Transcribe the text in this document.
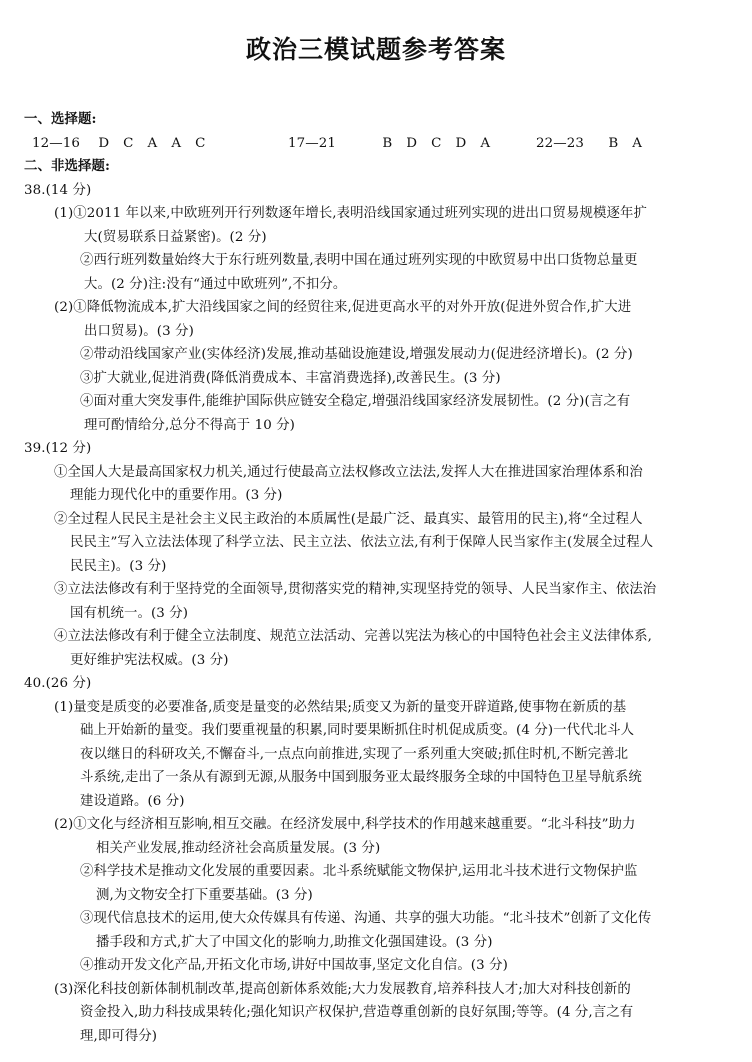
政治三模试题参考答案
一、选择题:
12—16 D C A A C	17—21	B D C D A	22—23 B A
二、非选择题:
38.(14 分)
(1)①2011 年以来,中欧班列开行列数逐年增长,表明沿线国家通过班列实现的进出口贸易规模逐年扩
大(贸易联系日益紧密)。(2 分)
②西行班列数量始终大于东行班列数量,表明中国在通过班列实现的中欧贸易中出口货物总量更
大。(2 分)注:没有“通过中欧班列”,不扣分。
(2)①降低物流成本,扩大沿线国家之间的经贸往来,促进更高水平的对外开放(促进外贸合作,扩大进
出口贸易)。(3 分)
②带动沿线国家产业(实体经济)发展,推动基础设施建设,增强发展动力(促进经济增长)。(2 分)
③扩大就业,促进消费(降低消费成本、丰富消费选择),改善民生。(3 分)
④面对重大突发事件,能维护国际供应链安全稳定,增强沿线国家经济发展韧性。(2 分)(言之有
理可酌情给分,总分不得高于 10 分)
39.(12 分)
①全国人大是最高国家权力机关,通过行使最高立法权修改立法法,发挥人大在推进国家治理体系和治
理能力现代化中的重要作用。(3 分)
②全过程人民民主是社会主义民主政治的本质属性(是最广泛、最真实、最管用的民主),将“全过程人
民民主”写入立法法体现了科学立法、民主立法、依法立法,有利于保障人民当家作主(发展全过程人
民民主)。(3 分)
③立法法修改有利于坚持党的全面领导,贯彻落实党的精神,实现坚持党的领导、人民当家作主、依法治
国有机统一。(3 分)
④立法法修改有利于健全立法制度、规范立法活动、完善以宪法为核心的中国特色社会主义法律体系,
更好维护宪法权威。(3 分)
40.(26 分)
(1)量变是质变的必要准备,质变是量变的必然结果;质变又为新的量变开辟道路,使事物在新质的基
础上开始新的量变。我们要重视量的积累,同时要果断抓住时机促成质变。(4 分)一代代北斗人
夜以继日的科研攻关,不懈奋斗,一点点向前推进,实现了一系列重大突破;抓住时机,不断完善北
斗系统,走出了一条从有源到无源,从服务中国到服务亚太最终服务全球的中国特色卫星导航系统
建设道路。(6 分)
(2)①文化与经济相互影响,相互交融。在经济发展中,科学技术的作用越来越重要。“北斗科技”助力
相关产业发展,推动经济社会高质量发展。(3 分)
②科学技术是推动文化发展的重要因素。北斗系统赋能文物保护,运用北斗技术进行文物保护监
测,为文物安全打下重要基础。(3 分)
③现代信息技术的运用,使大众传媒具有传递、沟通、共享的强大功能。“北斗技术”创新了文化传
播手段和方式,扩大了中国文化的影响力,助推文化强国建设。(3 分)
④推动开发文化产品,开拓文化市场,讲好中国故事,坚定文化自信。(3 分)
(3)深化科技创新体制机制改革,提高创新体系效能;大力发展教育,培养科技人才;加大对科技创新的
资金投入,助力科技成果转化;强化知识产权保护,营造尊重创新的良好氛围;等等。(4 分,言之有
理,即可得分)
